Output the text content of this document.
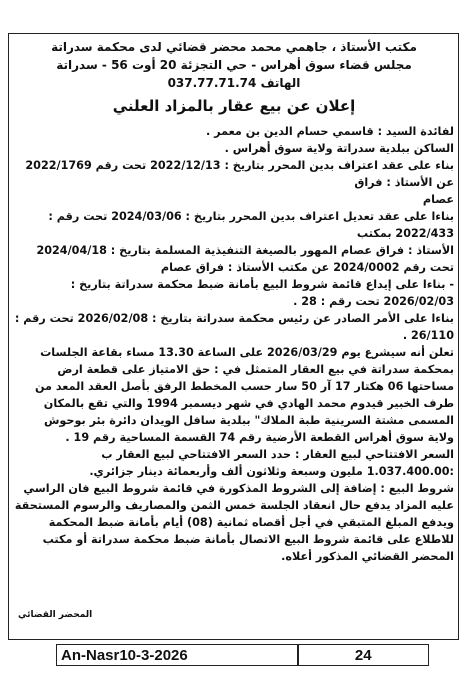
مكتب الأستاذ ، جاهمي محمد محضر قضائي لدى محكمة سدراتة
مجلس قضاء سوق أهراس - حي التجزئة 20 أوت 56 - سدراتة
الهاتف 037.77.71.74
إعلان عن بيع عقار بالمزاد العلني
لفائدة السيد : قاسمي حسام الدين بن معمر .
الساكن ببلدية سدراتة ولاية سوق أهراس .
بناء على عقد اعتراف بدين المحرر بتاريخ : 2022/12/13 تحت رقم 2022/1769 عن الأستاذ : فراق
عصام
بناءا على عقد تعديل اعتراف بدين المحرر بتاريخ : 2024/03/06 تحت رقم : 2022/433 بمكتب
الأستاذ : فراق عصام المهور بالصيغة التنفيذية المسلمة بتاريخ : 2024/04/18
تحت رقم 2024/0002 عن مكتب الأستاذ : فراق عصام
- بناءا على إيداع قائمة شروط البيع بأمانة ضبط محكمة سدراتة بتاريخ : 2026/02/03 تحت رقم : 28 .
بناءا على الأمر الصادر عن رئيس محكمة سدراتة بتاريخ : 2026/02/08 تحت رقم : 26/110 .
تعلن أنه سيشرع يوم 2026/03/29 على الساعة 13.30 مساء بقاعة الجلسات بمحكمة سدراتة في بيع العقار المتمثل في : حق الامتياز على قطعة ارض مساحتها 06 هكتار 17 آر 50 سار حسب المخطط الرفق بأصل العقد المعد من طرف الخبير قيدوم محمد الهادي في شهر ديسمبر 1994 والتي تقع بالمكان المسمى مشتة السرينية طبة الملاك" ببلدية سافل الويدان دائرة بئر بوحوش ولاية سوق أهراس القطعة الأرضية رقم 74 القسمة المساحية رقم 19 .
السعر الافتتاحي لبيع العقار : حدد السعر الافتتاحي لبيع العقار ب :1.037.400.00 مليون وسبعة وثلاثون ألف وأربعمائة دينار جزائري.
شروط البيع : إضافة إلى الشروط المذكورة في قائمة شروط البيع فان الراسي عليه المزاد يدفع حال انعقاد الجلسة خمس الثمن والمصاريف والرسوم المستحقة ويدفع المبلغ المتبقي في أجل أقصاه ثمانية (08) أيام بأمانة ضبط المحكمة للاطلاع على قائمة شروط البيع الاتصال بأمانة ضبط محكمة سدراتة أو مكتب المحضر القضائي المذكور أعلاه.
المحضر القضائي
An-Nasr10-3-2026	24
